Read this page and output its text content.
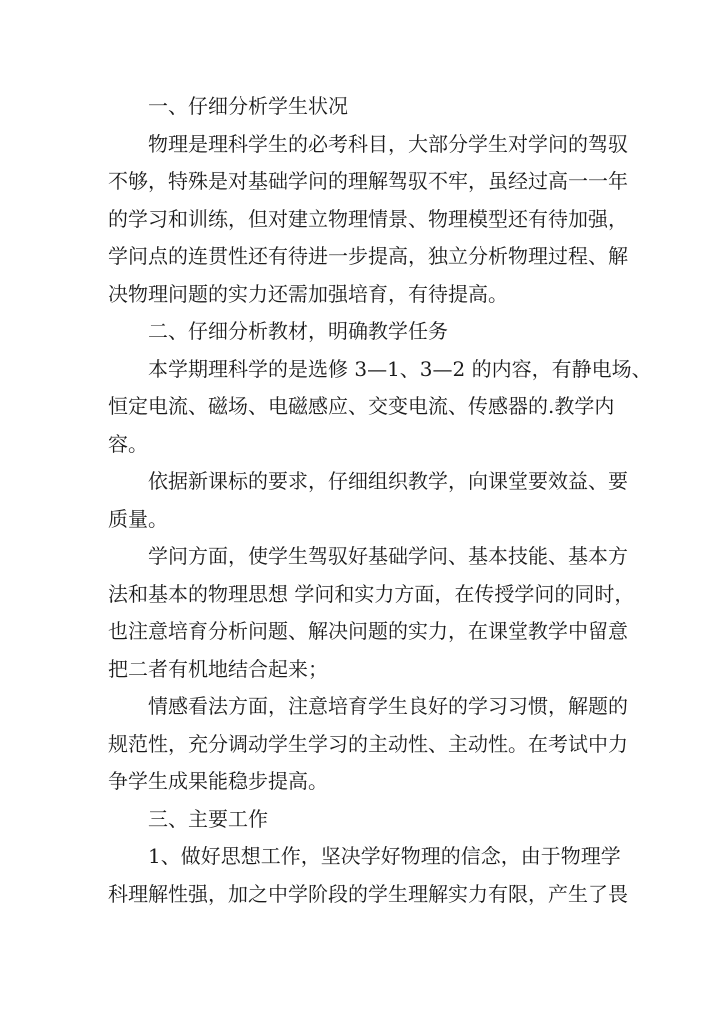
一、仔细分析学生状况
物理是理科学生的必考科目，大部分学生对学问的驾驭
不够，特殊是对基础学问的理解驾驭不牢，虽经过高一一年
的学习和训练，但对建立物理情景、物理模型还有待加强，
学问点的连贯性还有待进一步提高，独立分析物理过程、解
决物理问题的实力还需加强培育，有待提高。
二、仔细分析教材，明确教学任务
本学期理科学的是选修 3—1、3—2 的内容，有静电场、
恒定电流、磁场、电磁感应、交变电流、传感器的.教学内
容。
依据新课标的要求，仔细组织教学，向课堂要效益、要
质量。
学问方面，使学生驾驭好基础学问、基本技能、基本方
法和基本的物理思想 学问和实力方面，在传授学问的同时，
也注意培育分析问题、解决问题的实力，在课堂教学中留意
把二者有机地结合起来；
情感看法方面，注意培育学生良好的学习习惯，解题的
规范性，充分调动学生学习的主动性、主动性。在考试中力
争学生成果能稳步提高。
三、主要工作
1、做好思想工作，坚决学好物理的信念，由于物理学
科理解性强，加之中学阶段的学生理解实力有限，产生了畏
